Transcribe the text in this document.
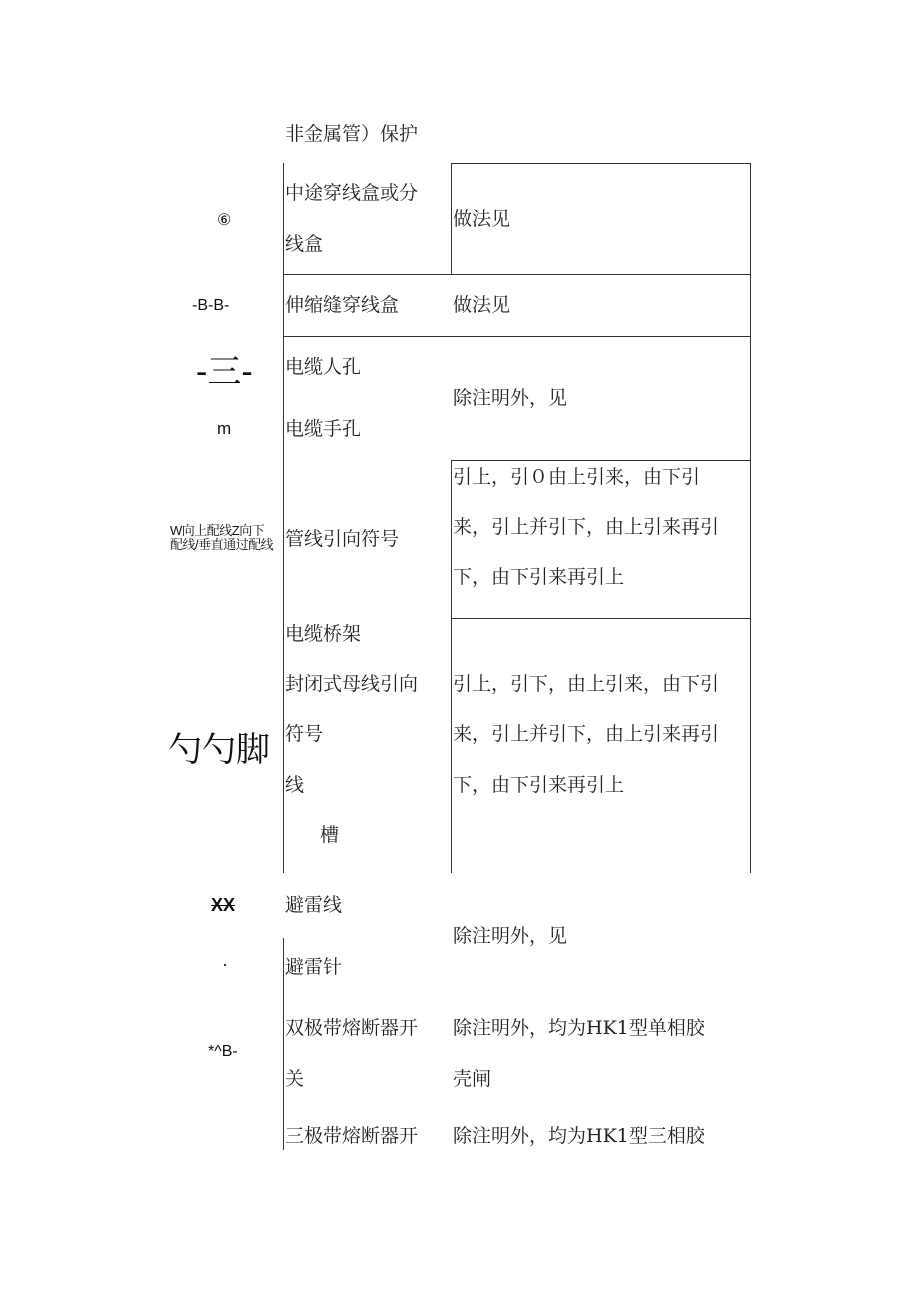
⑥
-B-B-
-三-
m
W向上配线Z向下
配线/垂直通过配线
勺勺脚
XX
·
*^B-
非金属管）保护
中途穿线盒或分
线盒
伸缩缝穿线盒
电缆人孔
电缆手孔
管线引向符号
电缆桥架
封闭式母线引向
符号
线
槽
避雷线
避雷针
双极带熔断器开
关
三极带熔断器开
做法见
做法见
除注明外，见
引上，引０由上引来，由下引
来，引上并引下，由上引来再引
下，由下引来再引上
引上，引下，由上引来，由下引
来，引上并引下，由上引来再引
下，由下引来再引上
除注明外，见
除注明外，均为HK1型单相胶
壳闸
除注明外，均为HK1型三相胶
